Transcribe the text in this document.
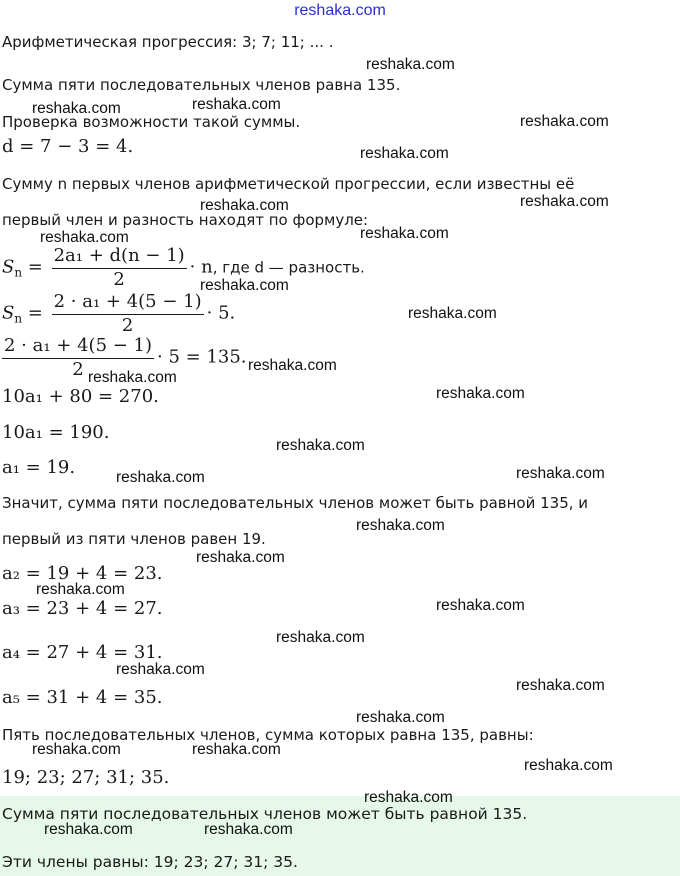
reshaka.com
Арифметическая прогрессия: 3; 7; 11; ... .
Сумма пяти последовательных членов равна 135.
Проверка возможности такой суммы.
d = 7 − 3 = 4.
Сумму n первых членов арифметической прогрессии, если известны её
первый член и разность находят по формуле:
$S_n = \frac{\text{2a₁ + d(n − 1)}}{2} \cdot n$, где d — разность.
$S_n = \frac{\text{2 · a₁ + 4(5 − 1)}}{2} \cdot 5$.
$\frac{\text{2 · a₁ + 4(5 − 1)}}{2} \cdot 5 = 135$.
10a₁ + 80 = 270.
10a₁ = 190.
a₁ = 19.
Значит, сумма пяти последовательных членов может быть равной 135, и
первый из пяти членов равен 19.
a₂ = 19 + 4 = 23.
a₃ = 23 + 4 = 27.
a₄ = 27 + 4 = 31.
a₅ = 31 + 4 = 35.
Пять последовательных членов, сумма которых равна 135, равны:
19; 23; 27; 31; 35.
Сумма пяти последовательных членов может быть равной 135.
Эти члены равны: 19; 23; 27; 31; 35.
reshaka.com
reshaka.com	reshaka.com
reshaka.com
reshaka.com
reshaka.com	reshaka.com
reshaka.com	reshaka.com
reshaka.com
reshaka.com
reshaka.com
reshaka.com
reshaka.com
reshaka.com
reshaka.com	reshaka.com
reshaka.com
reshaka.com
reshaka.com
reshaka.com
reshaka.com
reshaka.com
reshaka.com
reshaka.com
reshaka.com	reshaka.com
reshaka.com
reshaka.com
reshaka.com	reshaka.com
